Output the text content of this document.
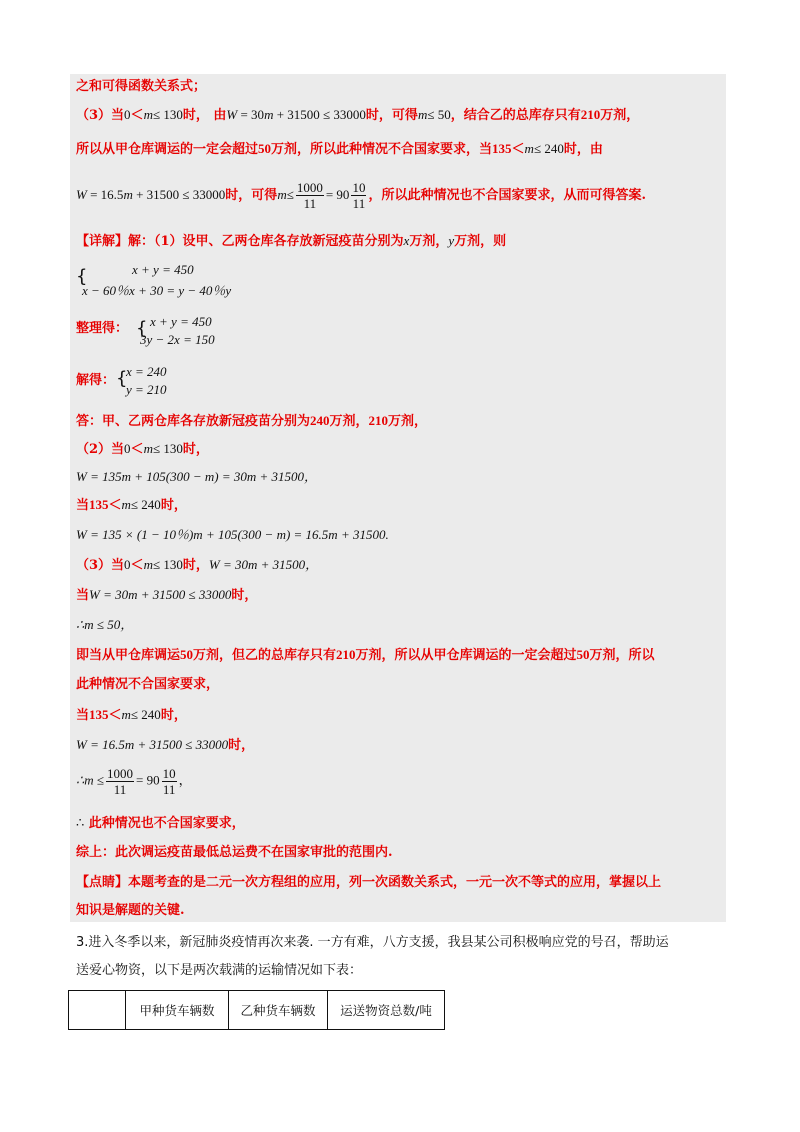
之和可得函数关系式；
（3）当0＜m≤ 130时， 由W = 30m + 31500 ≤ 33000时，可得m≤ 50，结合乙的总库存只有210万剂，
所以从甲仓库调运的一定会超过50万剂，所以此种情况不合国家要求，当135＜m≤ 240时，由
W = 16.5m + 31500 ≤ 33000时，可得$m\le \frac{1000}{11} = 90 \frac{10}{11}$ ，所以此种情况也不合国家要求，从而可得答案.
【详解】解：（1）设甲、乙两仓库各存放新冠疫苗分别为x万剂，y万剂，则
{	x + y = 450
x − 60％x + 30 = y − 40％y
整理得： { x + y = 450
3y − 2x = 150
解得： {
x = 240
y = 210
答：甲、乙两仓库各存放新冠疫苗分别为240万剂，210万剂，
（2）当0＜m≤ 130时，
W = 135m + 105(300 − m) = 30m + 31500，
当135＜m≤ 240时，
W = 135 × (1 − 10％)m + 105(300 − m) = 16.5m + 31500.
（3）当0＜m≤ 130时，W = 30m + 31500，
当W = 30m + 31500 ≤ 33000时，
∴m ≤ 50，
即当从甲仓库调运50万剂，但乙的总库存只有210万剂，所以从甲仓库调运的一定会超过50万剂，所以
此种情况不合国家要求，
当135＜m≤ 240时，
W = 16.5m + 31500 ≤ 33000时，
∴m ≤ $\frac{1000}{11} = 90 \frac{10}{11}$ ，
∴ 此种情况也不合国家要求，
综上：此次调运疫苗最低总运费不在国家审批的范围内.
【点睛】本题考查的是二元一次方程组的应用，列一次函数关系式，一元一次不等式的应用，掌握以上
知识是解题的关键.
3.进入冬季以来，新冠肺炎疫情再次来袭. 一方有难，八方支援，我县某公司积极响应党的号召，帮助运
送爱心物资，以下是两次载满的运输情况如下表：
	甲种货车辆数	乙种货车辆数	运送物资总数/吨
